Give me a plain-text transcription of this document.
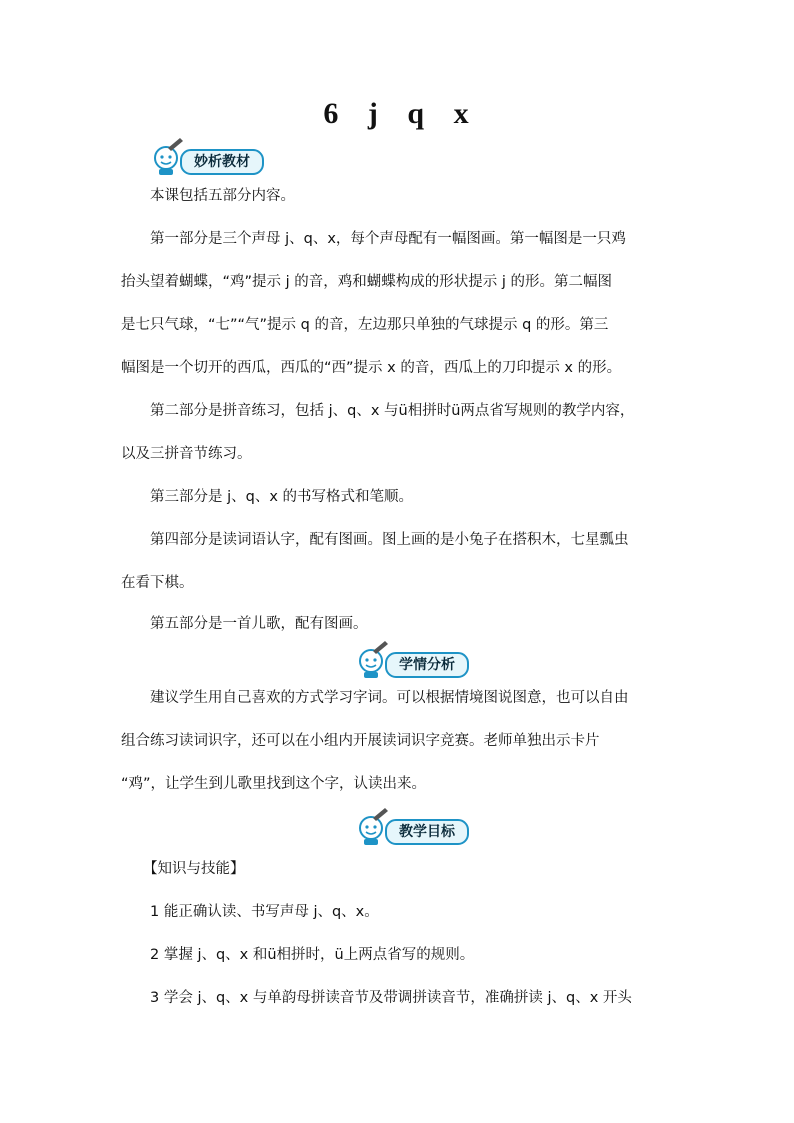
6 j q x
妙析教材
本课包括五部分内容。
第一部分是三个声母 j、q、x，每个声母配有一幅图画。第一幅图是一只鸡
抬头望着蝴蝶，“鸡”提示 j 的音，鸡和蝴蝶构成的形状提示 j 的形。第二幅图
是七只气球，“七”“气”提示 q 的音，左边那只单独的气球提示 q 的形。第三
幅图是一个切开的西瓜，西瓜的“西”提示 x 的音，西瓜上的刀印提示 x 的形。
第二部分是拼音练习，包括 j、q、x 与ü相拼时ü两点省写规则的教学内容，
以及三拼音节练习。
第三部分是 j、q、x 的书写格式和笔顺。
第四部分是读词语认字，配有图画。图上画的是小兔子在搭积木，七星瓢虫
在看下棋。
第五部分是一首儿歌，配有图画。
学情分析
建议学生用自己喜欢的方式学习字词。可以根据情境图说图意，也可以自由
组合练习读词识字，还可以在小组内开展读词识字竞赛。老师单独出示卡片
“鸡”，让学生到儿歌里找到这个字，认读出来。
教学目标
【知识与技能】
1 能正确认读、书写声母 j、q、x。
2 掌握 j、q、x 和ü相拼时，ü上两点省写的规则。
3 学会 j、q、x 与单韵母拼读音节及带调拼读音节，准确拼读 j、q、x 开头
